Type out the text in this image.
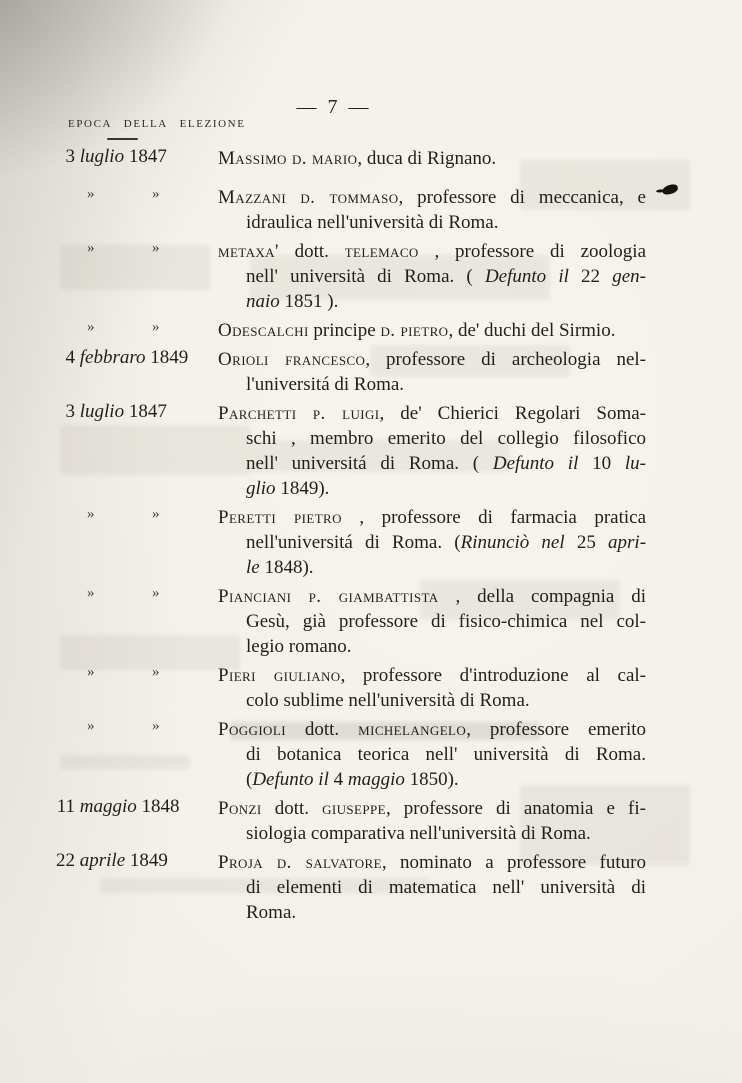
— 7 —
EPOCA DELLA ELEZIONE
3 luglio 1847	Massimo d. mario, duca di Rignano.
»	»	Mazzani d. tommaso, professore di meccanica, e
idraulica nell'università di Roma.
»	»	metaxa' dott. telemaco , professore di zoologia
nell' università di Roma. ( Defunto il 22 gen-
naio 1851 ).
»	»	Odescalchi principe d. pietro, de' duchi del Sirmio.
4 febbraro 1849	Orioli francesco, professore di archeologia nel-
l'universitá di Roma.
3 luglio 1847	Parchetti p. luigi, de' Chierici Regolari Soma-
schi , membro emerito del collegio filosofico
nell' universitá di Roma. ( Defunto il 10 lu-
glio 1849).
»	»	Peretti pietro , professore di farmacia pratica
nell'universitá di Roma. (Rinunciò nel 25 apri-
le 1848).
»	»	Pianciani p. giambattista , della compagnia di
Gesù, già professore di fisico-chimica nel col-
legio romano.
»	»	Pieri giuliano, professore d'introduzione al cal-
colo sublime nell'università di Roma.
»	»	Poggioli dott. michelangelo, professore emerito
di botanica teorica nell' università di Roma.
(Defunto il 4 maggio 1850).
11 maggio 1848	Ponzi dott. giuseppe, professore di anatomia e fi-
siologia comparativa nell'università di Roma.
22 aprile 1849	Proja d. salvatore, nominato a professore futuro
di elementi di matematica nell' università di
Roma.
